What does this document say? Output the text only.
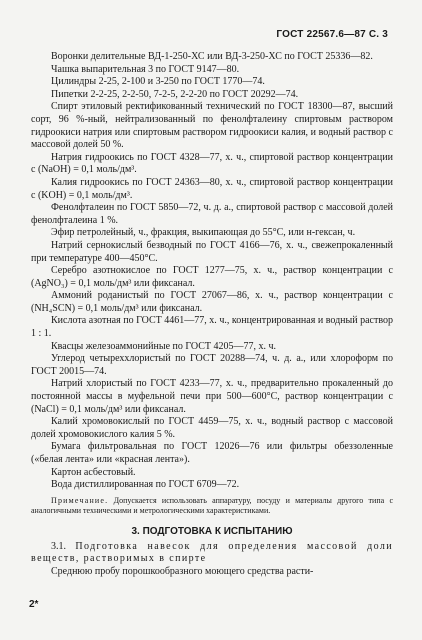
ГОСТ 22567.6—87 С. 3

Воронки делительные ВД-1-250-ХС или ВД-3-250-ХС по ГОСТ 25336—82.

Чашка выпарительная 3 по ГОСТ 9147—80.

Цилиндры 2-25, 2-100 и 3-250 по ГОСТ 1770—74.

Пипетки 2-2-25, 2-2-50, 7-2-5, 2-2-20 по ГОСТ 20292—74.

Спирт этиловый ректификованный технический по ГОСТ 18300—87, высший сорт, 96 %-ный, нейтрализованный по фенолфталеину спиртовым раствором гидроокиси натрия или спиртовым раствором гидроокиси калия, и водный раствор с массовой долей 50 %.

Натрия гидроокись по ГОСТ 4328—77, х. ч., спиртовой раствор концентрации с (NaOH) = 0,1 моль/дм³.

Калия гидроокись по ГОСТ 24363—80, х. ч., спиртовой раствор концентрации с (KOH) = 0,1 моль/дм³.

Фенолфталеин по ГОСТ 5850—72, ч. д. а., спиртовой раствор с массовой долей фенолфталеина 1 %.

Эфир петролейный, ч., фракция, выкипающая до 55°С, или н-гексан, ч.

Натрий сернокислый безводный по ГОСТ 4166—76, х. ч., свежепрокаленный при температуре 400—450°С.

Серебро азотнокислое по ГОСТ 1277—75, х. ч., раствор концентрации с (AgNO₃) = 0,1 моль/дм³ или фиксанал.

Аммоний роданистый по ГОСТ 27067—86, х. ч., раствор концентрации с (NH₄SCN) = 0,1 моль/дм³ или фиксанал.

Кислота азотная по ГОСТ 4461—77, х. ч., концентрированная и водный раствор 1 : 1.

Квасцы железоаммонийные по ГОСТ 4205—77, х. ч.

Углерод четыреххлористый по ГОСТ 20288—74, ч. д. а., или хлороформ по ГОСТ 20015—74.

Натрий хлористый по ГОСТ 4233—77, х. ч., предварительно прокаленный до постоянной массы в муфельной печи при 500—600°С, раствор концентрации с (NaCl) = 0,1 моль/дм³ или фиксанал.

Калий хромовокислый по ГОСТ 4459—75, х. ч., водный раствор с массовой долей хромовокислого калия 5 %.

Бумага фильтровальная по ГОСТ 12026—76 или фильтры обеззоленные («белая лента» или «красная лента»).

Картон асбестовый.

Вода дистиллированная по ГОСТ 6709—72.

Примечание. Допускается использовать аппаратуру, посуду и материалы другого типа с аналогичными техническими и метрологическими характеристиками.

3. ПОДГОТОВКА К ИСПЫТАНИЮ

3.1. Подготовка навесок для определения массовой доли веществ, растворимых в спирте

Среднюю пробу порошкообразного моющего средства расти-

2*
